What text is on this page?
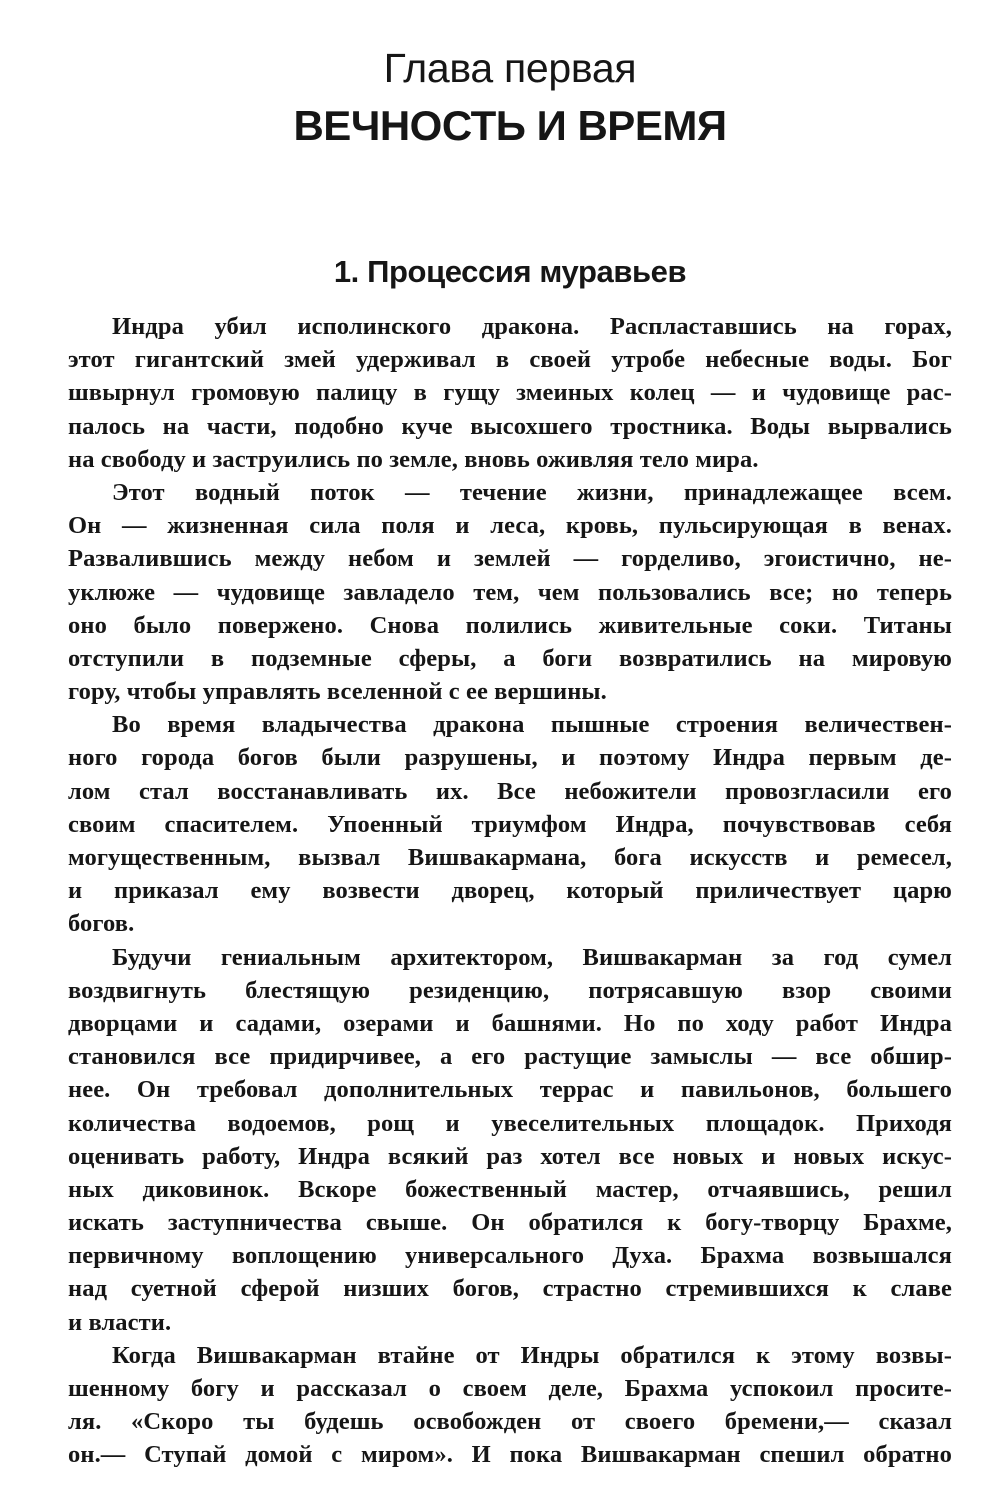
Глава первая
ВЕЧНОСТЬ И ВРЕМЯ
1. Процессия муравьев
Индра убил исполинского дракона. Распластавшись на горах,
этот гигантский змей удерживал в своей утробе небесные воды. Бог
швырнул громовую палицу в гущу змеиных колец — и чудовище рас-
палось на части, подобно куче высохшего тростника. Воды вырвались
на свободу и заструились по земле, вновь оживляя тело мира.
Этот водный поток — течение жизни, принадлежащее всем.
Он — жизненная сила поля и леса, кровь, пульсирующая в венах.
Развалившись между небом и землей — горделиво, эгоистично, не-
уклюже — чудовище завладело тем, чем пользовались все; но теперь
оно было повержено. Снова полились живительные соки. Титаны
отступили в подземные сферы, а боги возвратились на мировую
гору, чтобы управлять вселенной с ее вершины.
Во время владычества дракона пышные строения величествен-
ного города богов были разрушены, и поэтому Индра первым де-
лом стал восстанавливать их. Все небожители провозгласили его
своим спасителем. Упоенный триумфом Индра, почувствовав себя
могущественным, вызвал Вишвакармана, бога искусств и ремесел,
и приказал ему возвести дворец, который приличествует царю
богов.
Будучи гениальным архитектором, Вишвакарман за год сумел
воздвигнуть блестящую резиденцию, потрясавшую взор своими
дворцами и садами, озерами и башнями. Но по ходу работ Индра
становился все придирчивее, а его растущие замыслы — все обшир-
нее. Он требовал дополнительных террас и павильонов, большего
количества водоемов, рощ и увеселительных площадок. Приходя
оценивать работу, Индра всякий раз хотел все новых и новых искус-
ных диковинок. Вскоре божественный мастер, отчаявшись, решил
искать заступничества свыше. Он обратился к богу-творцу Брахме,
первичному воплощению универсального Духа. Брахма возвышался
над суетной сферой низших богов, страстно стремившихся к славе
и власти.
Когда Вишвакарман втайне от Индры обратился к этому возвы-
шенному богу и рассказал о своем деле, Брахма успокоил просите-
ля. «Скоро ты будешь освобожден от своего бремени,— сказал
он.— Ступай домой с миром». И пока Вишвакарман спешил обратно
